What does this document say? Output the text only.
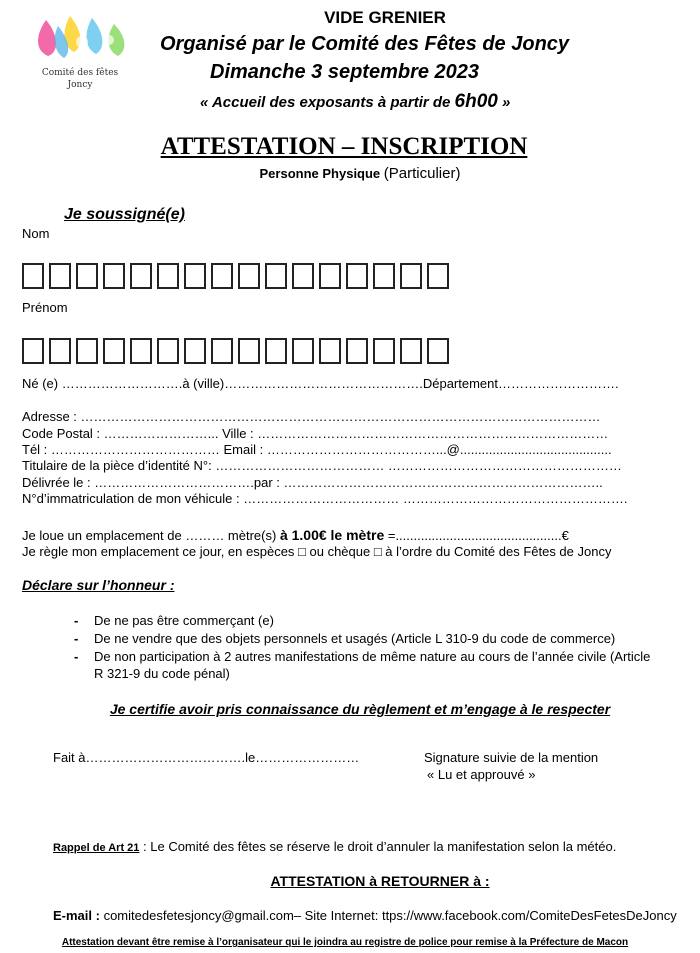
Comité des fêtes
Joncy
VIDE GRENIER
Organisé par le Comité des Fêtes de Joncy
Dimanche 3 septembre 2023
« Accueil des exposants à partir de 6h00 »
ATTESTATION – INSCRIPTION
Personne Physique (Particulier)
Je soussigné(e)
Nom
Prénom
Né (e) ……………………….à (ville)……………………………………….Département……………………….
Adresse : …………………………………………………………………………………………………………
Code Postal : ……………………... Ville : ………………………………………………………………………
Tél : ………………………………… Email : …………………………………...@..........................................
Titulaire de la pièce d’identité N°: ………………………………… ………………………………………………
Délivrée le : ……………………………….par : ………………………………………………………………..
N°d’immatriculation de mon véhicule : ……………………………… …………………………………………….
Je loue un emplacement de ……… mètre(s) à 1.00€ le mètre =..............................................€
Je règle mon emplacement ce jour, en espèces □ ou chèque □ à l’ordre du Comité des Fêtes de Joncy
Déclare sur l’honneur :
- De ne pas être commerçant (e)
- De ne vendre que des objets personnels et usagés (Article L 310-9 du code de commerce)
- De non participation à 2 autres manifestations de même nature au cours de l’année civile (Article R 321-9 du code pénal)
Je certifie avoir pris connaissance du règlement et m’engage à le respecter
Fait à……………………………….le……………………	Signature suivie de la mention
« Lu et approuvé »
Rappel de Art 21 : Le Comité des fêtes se réserve le droit d’annuler la manifestation selon la météo.
ATTESTATION à RETOURNER à :
E-mail : comitedesfetesjoncy@gmail.com– Site Internet: ttps://www.facebook.com/ComiteDesFetesDeJoncy
Attestation devant être remise à l’organisateur qui le joindra au registre de police pour remise à la Préfecture de Macon
